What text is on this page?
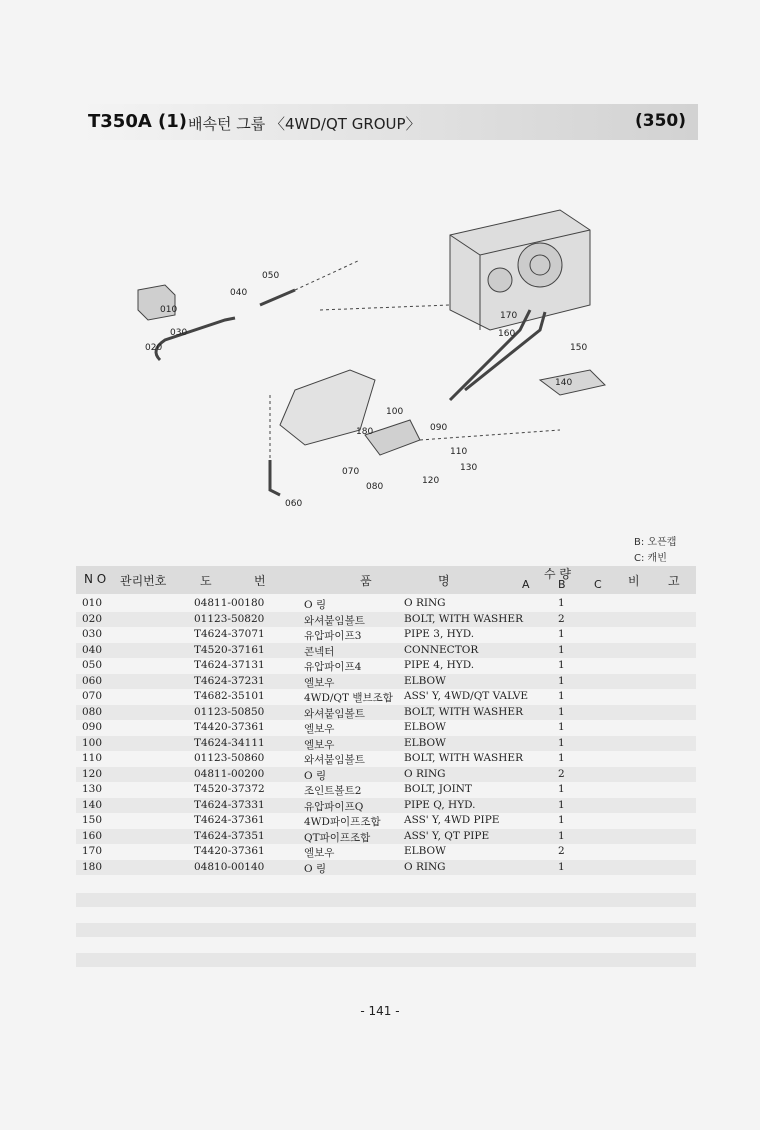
T350A (1) 배속턴 그룹 〈4WD/QT GROUP〉	(350)
010
020
030
040
050
060
070
080
090
100
110
120
130
140
150
160
170
180
B: 오픈캡
C: 캐빈
N O 관리번호	도	번	품	명	수 량
A	B	C 비 고
010	04811-00180	O 링	O RING	1
020	01123-50820	와셔붙임볼트	BOLT, WITH WASHER	2
030	T4624-37071	유압파이프3	PIPE 3, HYD.	1
040	T4520-37161	콘넥터	CONNECTOR	1
050	T4624-37131	유압파이프4	PIPE 4, HYD.	1
060	T4624-37231	엘보우	ELBOW	1
070	T4682-35101	4WD/QT 밸브조합 ASS' Y, 4WD/QT VALVE	1
080	01123-50850	와셔붙임볼트	BOLT, WITH WASHER	1
090	T4420-37361	엘보우	ELBOW	1
100	T4624-34111	엘보우	ELBOW	1
110	01123-50860	와셔붙임볼트	BOLT, WITH WASHER	1
120	04811-00200	O 링	O RING	2
130	T4520-37372	조인트볼트2	BOLT, JOINT	1
140	T4624-37331	유압파이프Q	PIPE Q, HYD.	1
150	T4624-37361	4WD파이프조합 ASS' Y, 4WD PIPE	1
160	T4624-37351	QT파이프조합	ASS' Y, QT PIPE	1
170	T4420-37361	엘보우	ELBOW	2
180	04810-00140	O 링	O RING	1
- 141 -
